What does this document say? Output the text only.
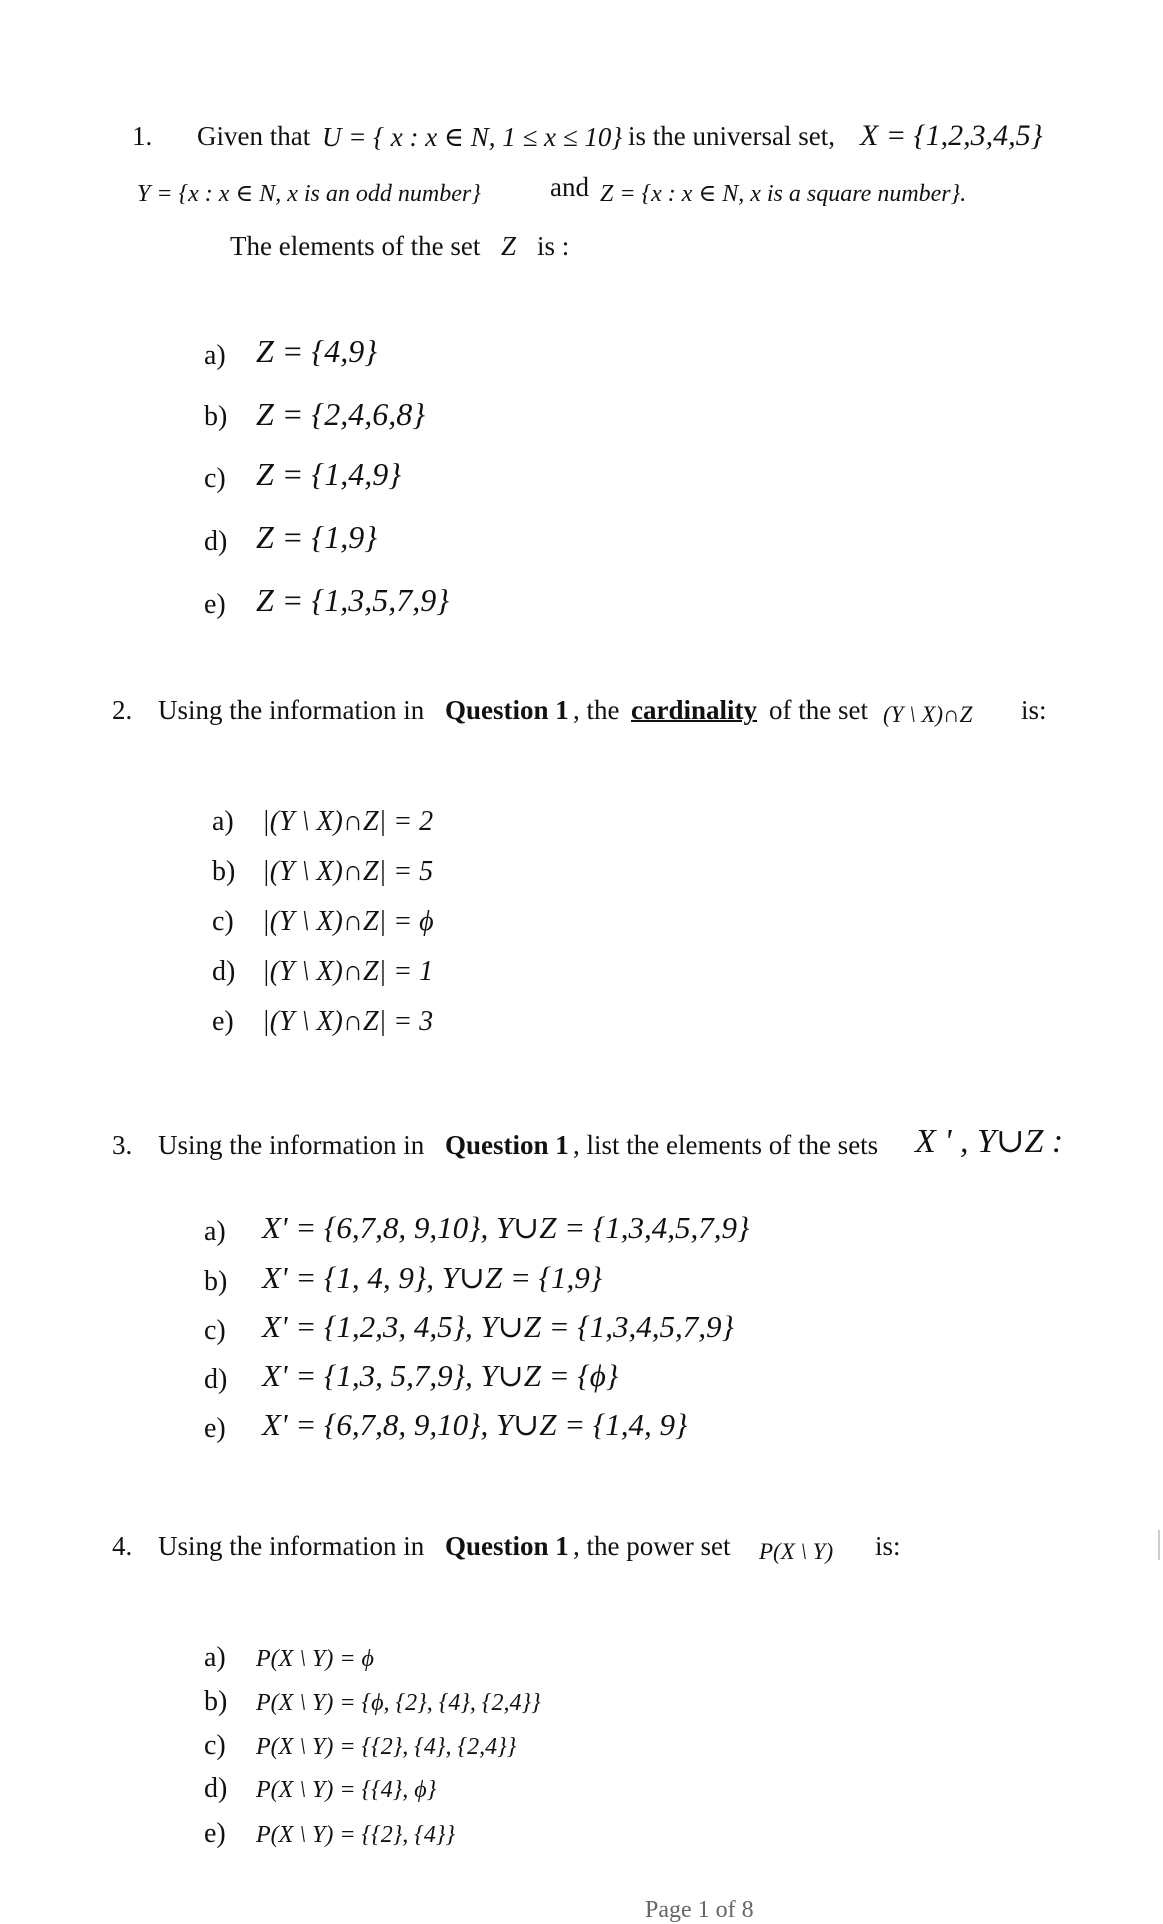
1. Given that U = { x : x ∈ N, 1 ≤ x ≤ 10} is the universal set, X = {1,2,3,4,5}
Y = {x : x ∈ N, x is an odd number}	and Z = {x : x ∈ N, x is a square number}.
The elements of the set Z is :
a) Z = {4,9}
b) Z = {2,4,6,8}
c) Z = {1,4,9}
d) Z = {1,9}
e) Z = {1,3,5,7,9}
2. Using the information in Question 1 , the cardinality of the set (Y \ X)∩Z is:
a) |(Y \ X)∩Z| = 2
b) |(Y \ X)∩Z| = 5
c) |(Y \ X)∩Z| = ϕ
d) |(Y \ X)∩Z| = 1
e) |(Y \ X)∩Z| = 3
3. Using the information in Question 1 , list the elements of the sets X ' , Y∪Z :
a) X' = {6,7,8, 9,10}, Y∪Z = {1,3,4,5,7,9}
b) X' = {1, 4, 9}, Y∪Z = {1,9}
c) X' = {1,2,3, 4,5}, Y∪Z = {1,3,4,5,7,9}
d) X' = {1,3, 5,7,9}, Y∪Z = {ϕ}
e) X' = {6,7,8, 9,10}, Y∪Z = {1,4, 9}
4. Using the information in Question 1 , the power set P(X \ Y) is:
a) P(X \ Y) = ϕ
b) P(X \ Y) = {ϕ, {2}, {4}, {2,4}}
c) P(X \ Y) = {{2}, {4}, {2,4}}
d) P(X \ Y) = {{4}, ϕ}
e) P(X \ Y) = {{2}, {4}}
Page 1 of 8
